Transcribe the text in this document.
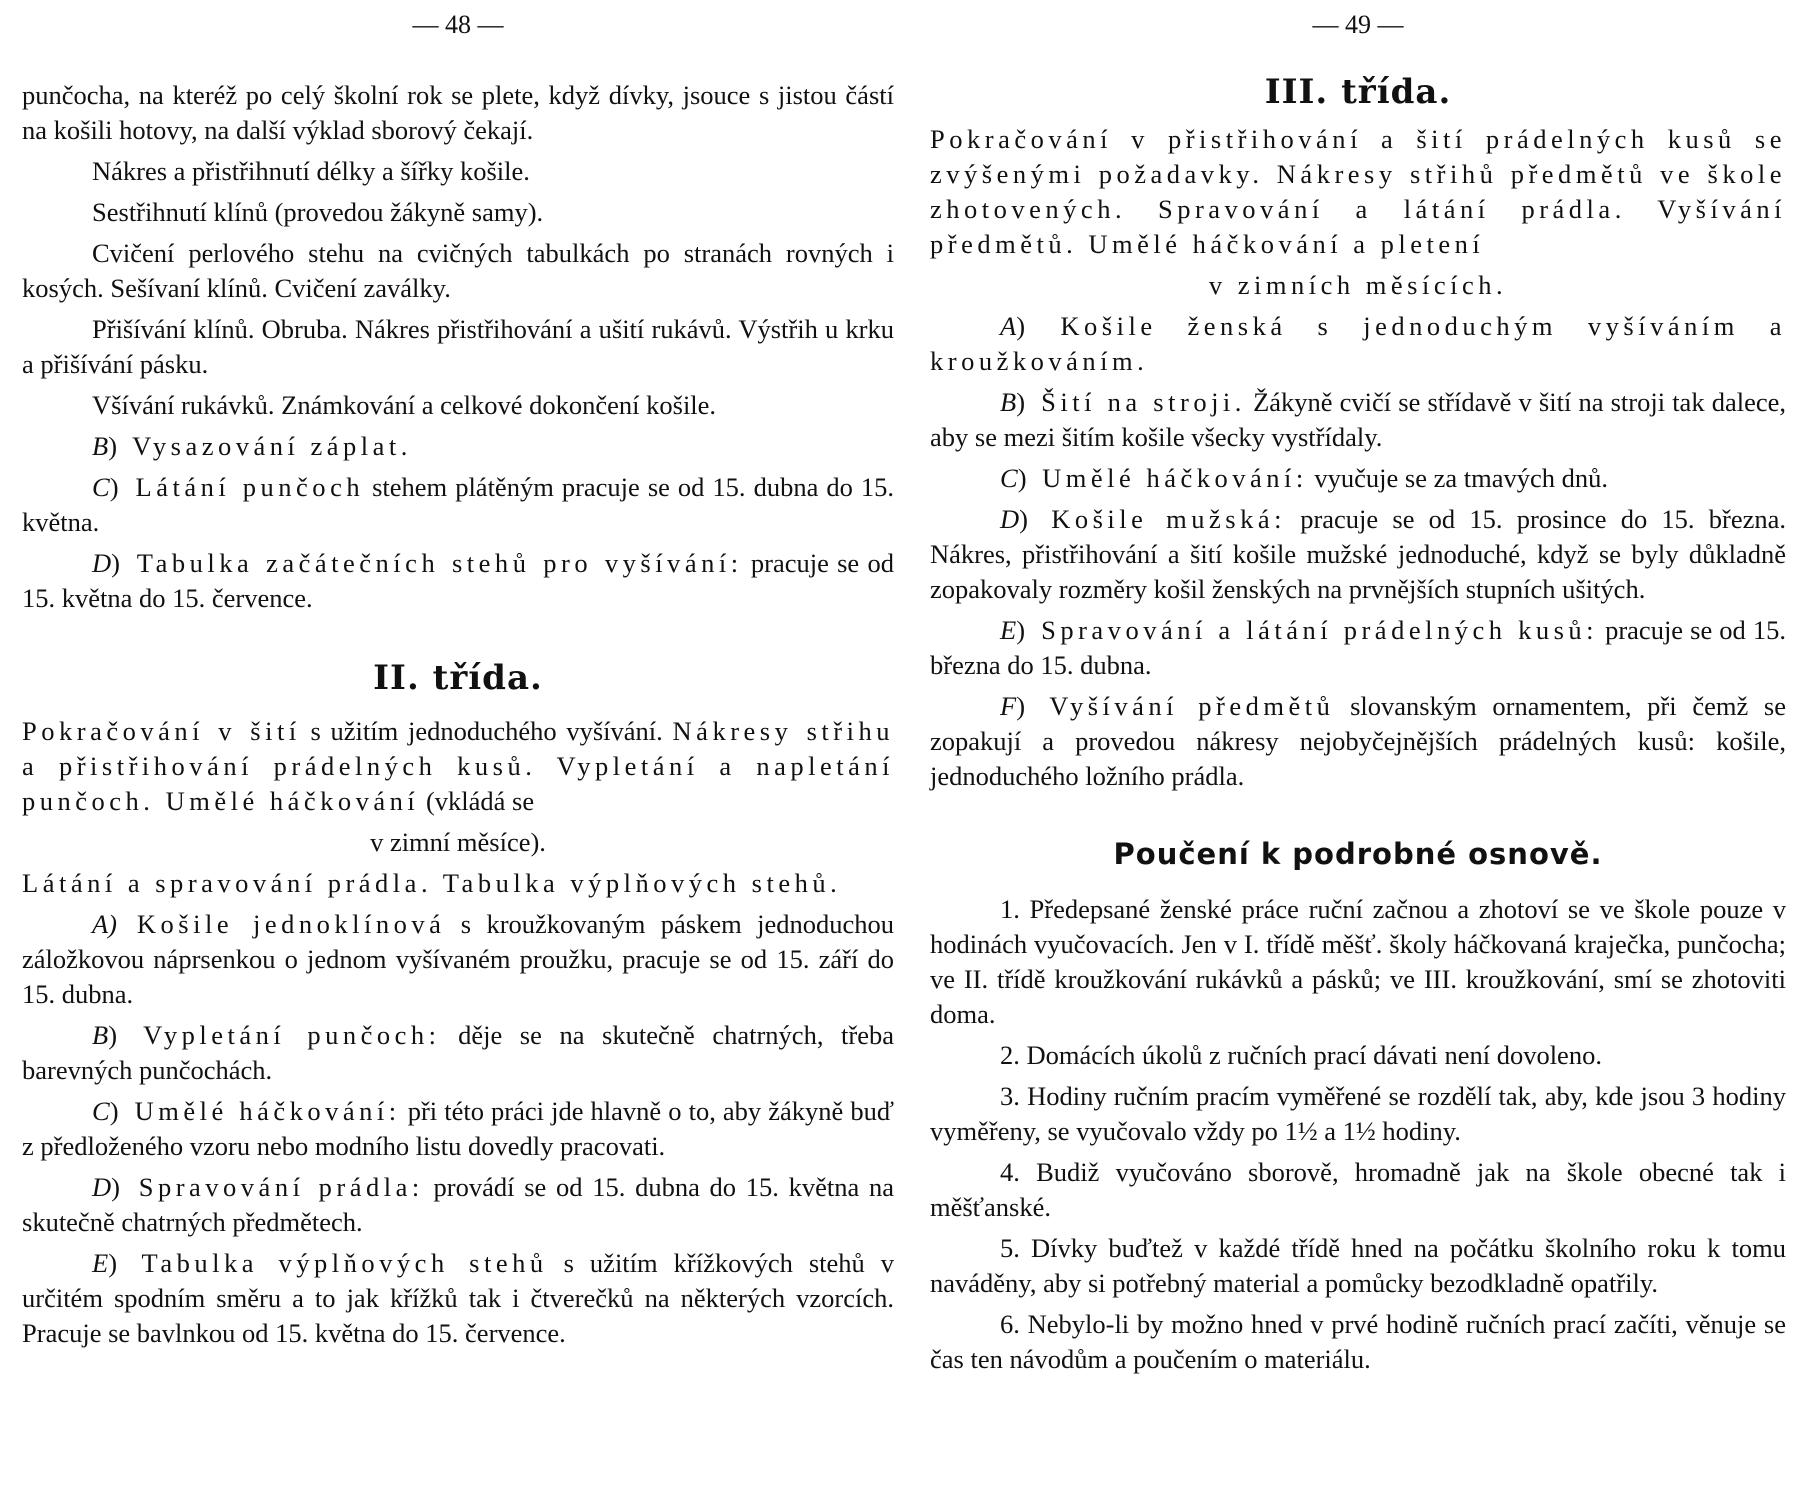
— 48 —

punčocha, na kteréž po celý školní rok se plete, když dívky, jsouce s jistou částí na košili hotovy, na další výklad sborový čekají.

Nákres a přistřihnutí délky a šířky košile.

Sestřihnutí klínů (provedou žákyně samy).

Cvičení perlového stehu na cvičných tabulkách po stranách rovných i kosých. Sešívaní klínů. Cvičení zaválky.

Přišívání klínů. Obruba. Nákres přistřihování a ušití rukávů. Výstřih u krku a přišívání pásku.

Všívání rukávků. Známkování a celkové dokončení košile.

B) Vysazování záplat.

C) Látání punčoch stehem plátěným pracuje se od 15. dubna do 15. května.

D) Tabulka začátečních stehů pro vyšívání: pracuje se od 15. května do 15. července.

II. třída.

Pokračování v šití s užitím jednoduchého vyšívání. Nákresy střihu a přistřihování prádelných kusů. Vypletání a napletání punčoch. Umělé háčkování (vkládá se

v zimní měsíce).

Látání a spravování prádla. Tabulka výplňových stehů.

A) Košile jednoklínová s kroužkovaným páskem jednoduchou záložkovou náprsenkou o jednom vyšívaném proužku, pracuje se od 15. září do 15. dubna.

B) Vypletání punčoch: děje se na skutečně chatrných, třeba barevných punčochách.

C) Umělé háčkování: při této práci jde hlavně o to, aby žákyně buď z předloženého vzoru nebo modního listu dovedly pracovati.

D) Spravování prádla: provádí se od 15. dubna do 15. května na skutečně chatrných předmětech.

E) Tabulka výplňových stehů s užitím křížkových stehů v určitém spodním směru a to jak křížků tak i čtverečků na některých vzorcích. Pracuje se bavlnkou od 15. května do 15. července.

— 49 —
III. třída.

Pokračování v přistřihování a šití prádelných kusů se zvýšenými požadavky. Nákresy střihů předmětů ve škole zhotovených. Spravování a látání prádla. Vyšívání předmětů. Umělé háčkování a pletení

v zimních měsících.

A) Košile ženská s jednoduchým vyšíváním a kroužkováním.

B) Šití na stroji. Žákyně cvičí se střídavě v šití na stroji tak dalece, aby se mezi šitím košile všecky vystřídaly.

C) Umělé háčkování: vyučuje se za tmavých dnů.

D) Košile mužská: pracuje se od 15. prosince do 15. března. Nákres, přistřihování a šití košile mužské jednoduché, když se byly důkladně zopakovaly rozměry košil ženských na prvnějších stupních ušitých.

E) Spravování a látání prádelných kusů: pracuje se od 15. března do 15. dubna.

F) Vyšívání předmětů slovanským ornamentem, při čemž se zopakují a provedou nákresy nejobyčejnějších prádelných kusů: košile, jednoduchého ložního prádla.

Poučení k podrobné osnově.

1. Předepsané ženské práce ruční začnou a zhotoví se ve škole pouze v hodinách vyučovacích. Jen v I. třídě měšť. školy háčkovaná kraječka, punčocha; ve II. třídě kroužkování rukávků a pásků; ve III. kroužkování, smí se zhotoviti doma.

2. Domácích úkolů z ručních prací dávati není dovoleno.

3. Hodiny ručním pracím vyměřené se rozdělí tak, aby, kde jsou 3 hodiny vyměřeny, se vyučovalo vždy po 1½ a 1½ hodiny.

4. Budiž vyučováno sborově, hromadně jak na škole obecné tak i měšťanské.

5. Dívky buďtež v každé třídě hned na počátku školního roku k tomu naváděny, aby si potřebný material a pomůcky bezodkladně opatřily.

6. Nebylo-li by možno hned v prvé hodině ručních prací začíti, věnuje se čas ten návodům a poučením o materiálu.
